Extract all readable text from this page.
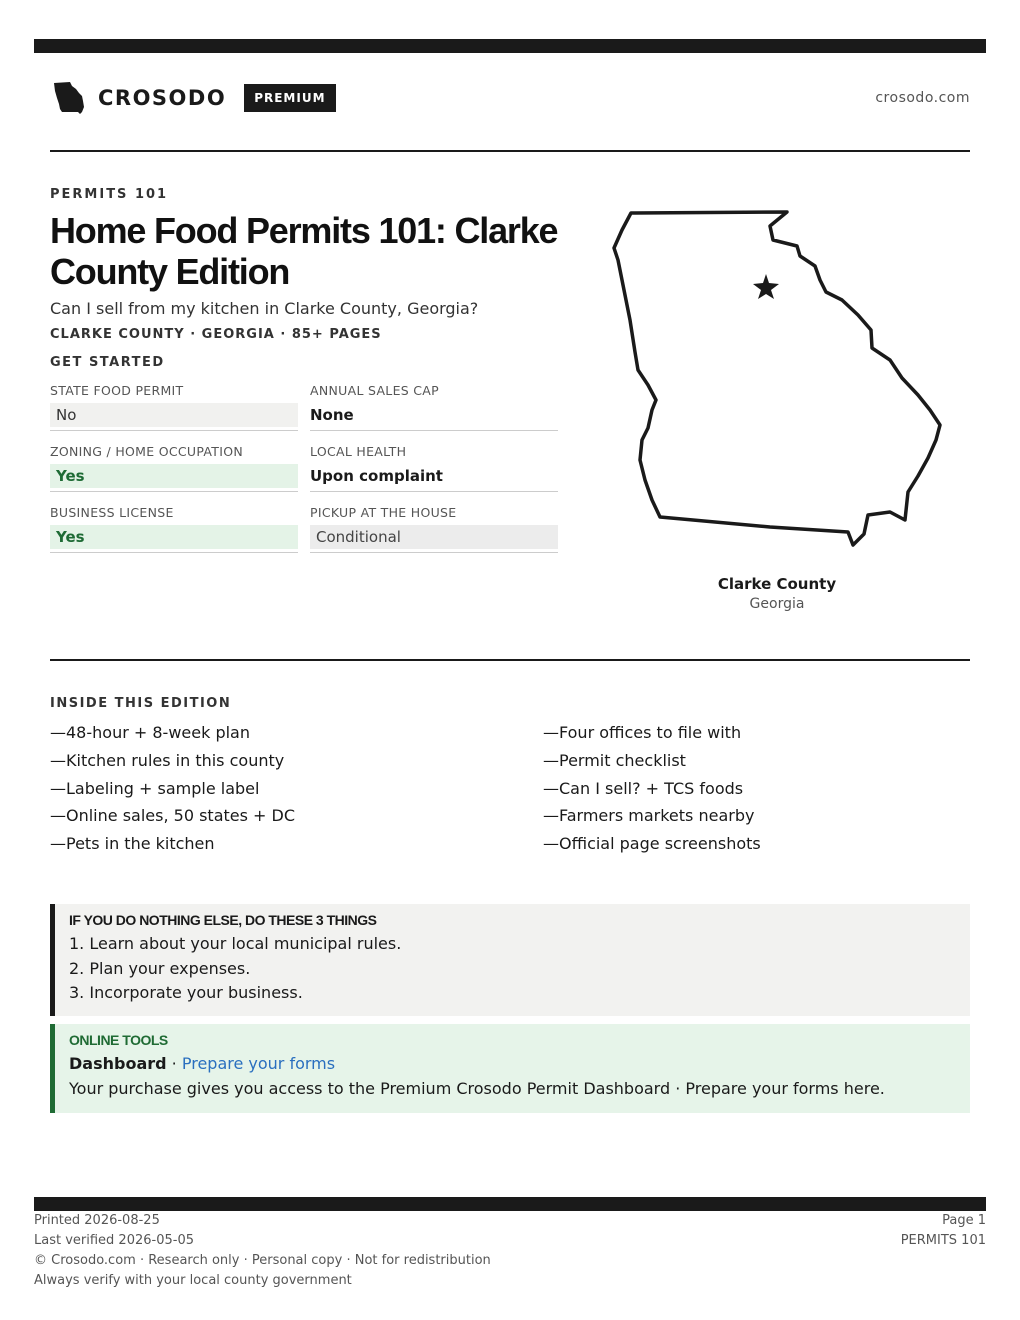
CROSODO	PREMIUM	crosodo.com
PERMITS 101
Home Food Permits 101: Clarke County Edition
Can I sell from my kitchen in Clarke County, Georgia?
CLARKE COUNTY · GEORGIA · 85+ PAGES
GET STARTED
STATE FOOD PERMIT
No
ANNUAL SALES CAP
None
ZONING / HOME OCCUPATION
Yes
LOCAL HEALTH
Upon complaint
BUSINESS LICENSE
Yes
PICKUP AT THE HOUSE
Conditional
Clarke County
Georgia
INSIDE THIS EDITION
—48-hour + 8-week plan
—Kitchen rules in this county
—Labeling + sample label
—Online sales, 50 states + DC
—Pets in the kitchen
—Four offices to file with
—Permit checklist
—Can I sell? + TCS foods
—Farmers markets nearby
—Official page screenshots
IF YOU DO NOTHING ELSE, DO THESE 3 THINGS
1. Learn about your local municipal rules.
2. Plan your expenses.
3. Incorporate your business.
ONLINE TOOLS
Dashboard · Prepare your forms
Your purchase gives you access to the Premium Crosodo Permit Dashboard · Prepare your forms here.
Printed 2026-08-25
Last verified 2026-05-05
© Crosodo.com · Research only · Personal copy · Not for redistribution
Always verify with your local county government
Page 1
PERMITS 101
